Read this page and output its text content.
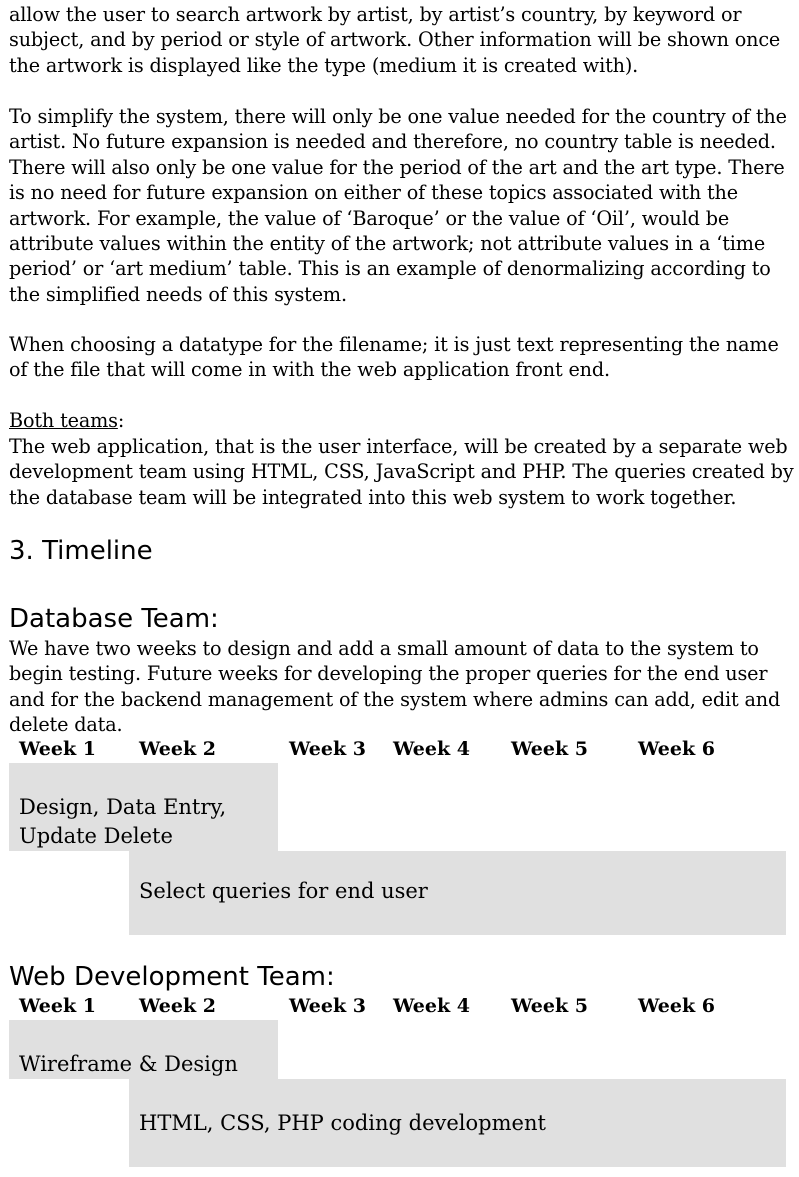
allow the user to search artwork by artist, by artist’s country, by keyword or subject, and by period or style of artwork. Other information will be shown once the artwork is displayed like the type (medium it is created with).

To simplify the system, there will only be one value needed for the country of the artist. No future expansion is needed and therefore, no country table is needed. There will also only be one value for the period of the art and the art type. There is no need for future expansion on either of these topics associated with the artwork. For example, the value of ‘Baroque’ or the value of ‘Oil’, would be attribute values within the entity of the artwork; not attribute values in a ‘time period’ or ‘art medium’ table. This is an example of denormalizing according to the simplified needs of this system.

When choosing a datatype for the filename; it is just text representing the name of the file that will come in with the web application front end.

Both teams:

The web application, that is the user interface, will be created by a separate web development team using HTML, CSS, JavaScript and PHP. The queries created by the database team will be integrated into this web system to work together.

3. Timeline
Database Team:

We have two weeks to design and add a small amount of data to the system to begin testing. Future weeks for developing the proper queries for the end user and for the backend management of the system where admins can add, edit and delete data.

Week 1 Week 2	Week 3 Week 4 Week 5	Week 6
Design, Data Entry,
Update Delete
Select queries for end user
Web Development Team:
Week 1 Week 2	Week 3 Week 4 Week 5	Week 6
Wireframe & Design
HTML, CSS, PHP coding development
